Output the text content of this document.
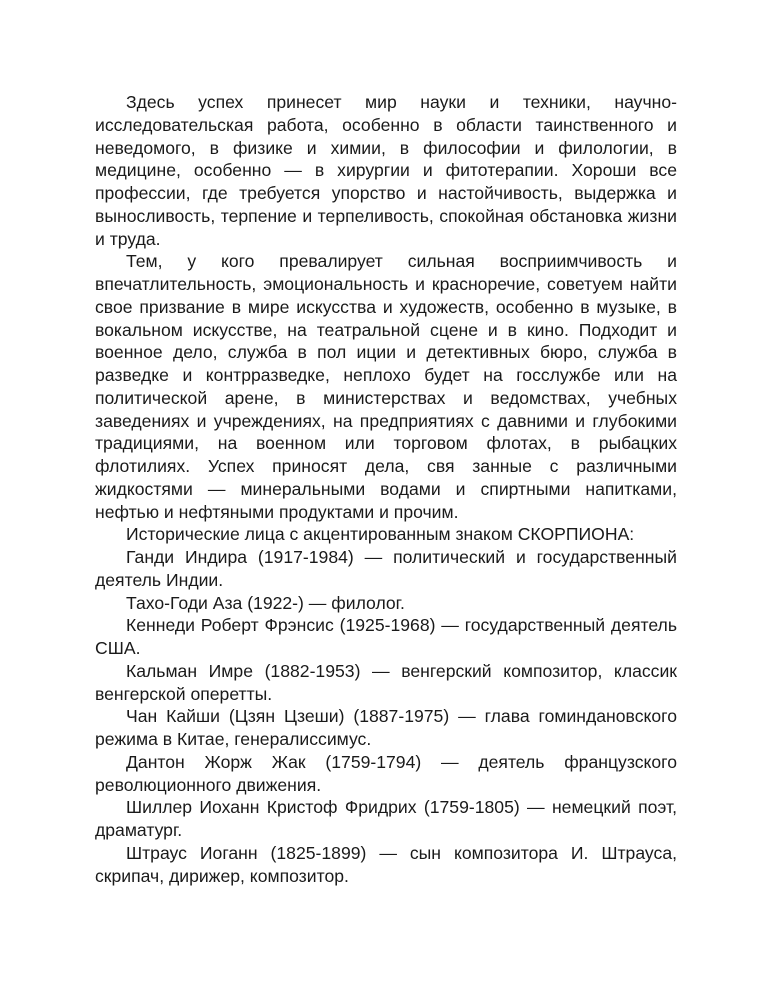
Здесь успех принесет мир науки и техники, научно-исследовательская работа, особенно в области таинственного и неведомого, в физике и химии, в философии и филологии, в медицине, особенно — в хирургии и фитотерапии. Хороши все профессии, где требуется упорство и настойчивость, выдержка и выносливость, терпение и терпеливость, спокойная обстановка жизни и труда.

Тем, у кого превалирует сильная восприимчивость и впечатлительность, эмоциональность и красноречие, советуем найти свое призвание в мире искусства и художеств, особенно в музыке, в вокальном искусстве, на театральной сцене и в кино. Подходит и военное дело, служба в пол иции и детективных бюро, служба в разведке и контрразведке, неплохо будет на госслужбе или на политической арене, в министерствах и ведомствах, учебных заведениях и учреждениях, на предприятиях с давними и глубокими традициями, на военном или торговом флотах, в рыбацких флотилиях. Успех приносят дела, свя занные с различными жидкостями — минеральными водами и спиртными напитками, нефтью и нефтяными продуктами и прочим.

Исторические лица с акцентированным знаком СКОРПИОНА:

Ганди Индира (1917-1984) — политический и государственный деятель Индии.

Тахо-Годи Аза (1922-) — филолог.

Кеннеди Роберт Фрэнсис (1925-1968) — государственный деятель США.

Кальман Имре (1882-1953) — венгерский композитор, классик венгерской оперетты.

Чан Кайши (Цзян Цзеши) (1887-1975) — глава гоминдановского режима в Китае, генералиссимус.

Дантон Жорж Жак (1759-1794) — деятель французского революционного движения.

Шиллер Иоханн Кристоф Фридрих (1759-1805) — немецкий поэт, драматург.

Штраус Иоганн (1825-1899) — сын композитора И. Штрауса, скрипач, дирижер, композитор.
